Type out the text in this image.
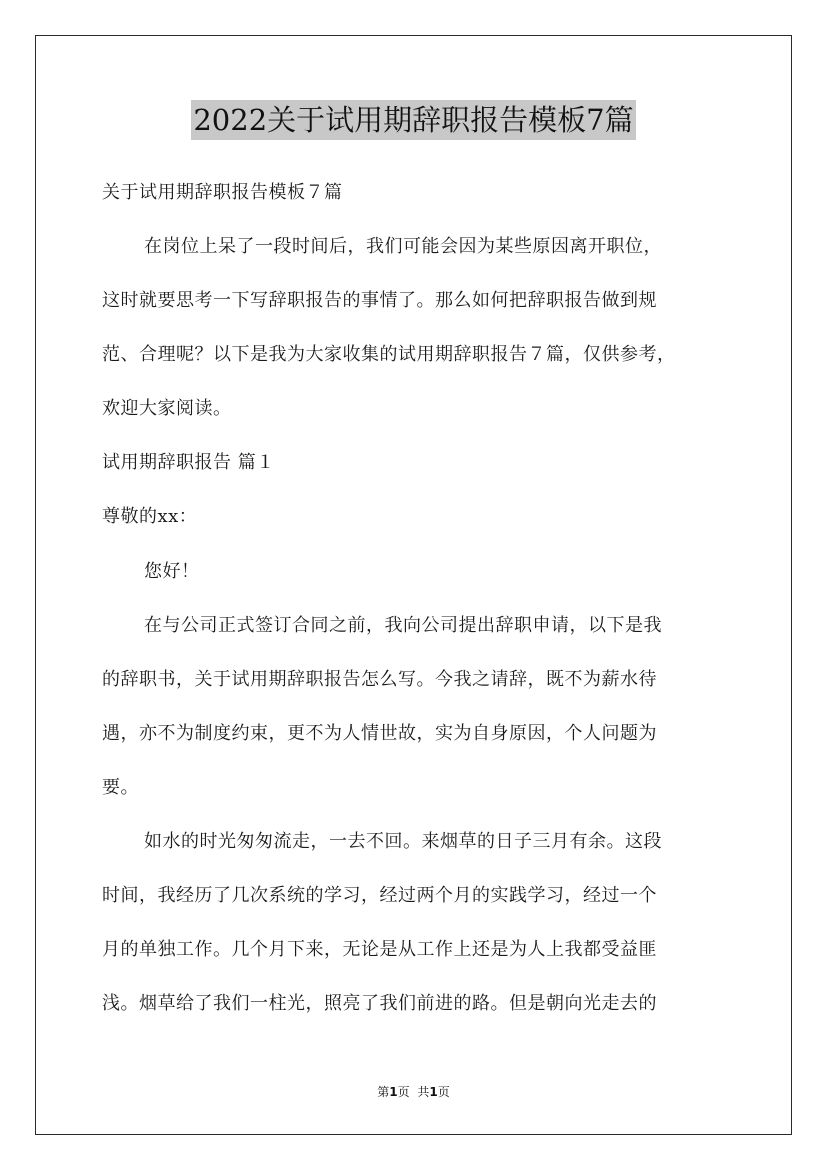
2022关于试用期辞职报告模板7篇
关于试用期辞职报告模板７篇
在岗位上呆了一段时间后，我们可能会因为某些原因离开职位，
这时就要思考一下写辞职报告的事情了。那么如何把辞职报告做到规
范、合理呢？以下是我为大家收集的试用期辞职报告７篇，仅供参考，
欢迎大家阅读。
试用期辞职报告 篇１
尊敬的xx：
您好！
在与公司正式签订合同之前，我向公司提出辞职申请，以下是我
的辞职书，关于试用期辞职报告怎么写。今我之请辞，既不为薪水待
遇，亦不为制度约束，更不为人情世故，实为自身原因，个人问题为
要。
如水的时光匆匆流走，一去不回。来烟草的日子三月有余。这段
时间，我经历了几次系统的学习，经过两个月的实践学习，经过一个
月的单独工作。几个月下来，无论是从工作上还是为人上我都受益匪
浅。烟草给了我们一柱光，照亮了我们前进的路。但是朝向光走去的
第1页 共1页
